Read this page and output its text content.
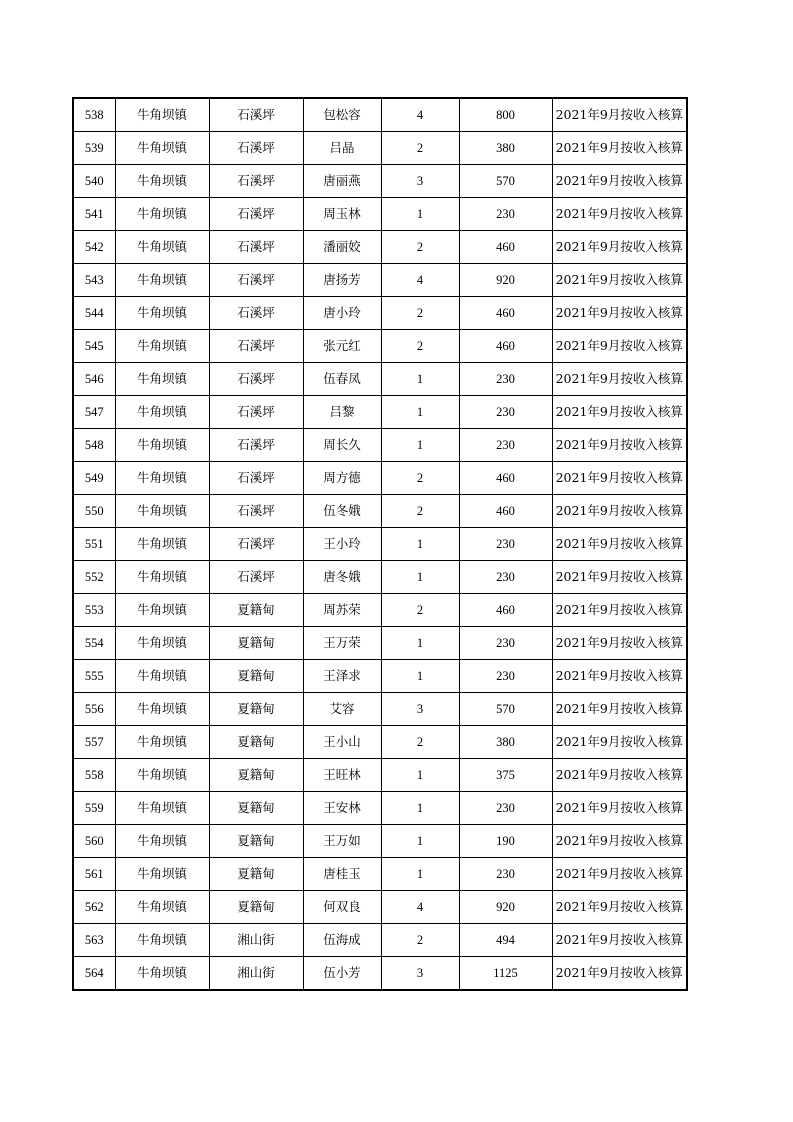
538	牛角坝镇	石溪坪	包松容	4	800	2021年9月按收入核算
539	牛角坝镇	石溪坪	吕晶	2	380	2021年9月按收入核算
540	牛角坝镇	石溪坪	唐丽燕	3	570	2021年9月按收入核算
541	牛角坝镇	石溪坪	周玉林	1	230	2021年9月按收入核算
542	牛角坝镇	石溪坪	潘丽姣	2	460	2021年9月按收入核算
543	牛角坝镇	石溪坪	唐扬芳	4	920	2021年9月按收入核算
544	牛角坝镇	石溪坪	唐小玲	2	460	2021年9月按收入核算
545	牛角坝镇	石溪坪	张元红	2	460	2021年9月按收入核算
546	牛角坝镇	石溪坪	伍春凤	1	230	2021年9月按收入核算
547	牛角坝镇	石溪坪	吕黎	1	230	2021年9月按收入核算
548	牛角坝镇	石溪坪	周长久	1	230	2021年9月按收入核算
549	牛角坝镇	石溪坪	周方德	2	460	2021年9月按收入核算
550	牛角坝镇	石溪坪	伍冬娥	2	460	2021年9月按收入核算
551	牛角坝镇	石溪坪	王小玲	1	230	2021年9月按收入核算
552	牛角坝镇	石溪坪	唐冬娥	1	230	2021年9月按收入核算
553	牛角坝镇	夏籍甸	周苏荣	2	460	2021年9月按收入核算
554	牛角坝镇	夏籍甸	王万荣	1	230	2021年9月按收入核算
555	牛角坝镇	夏籍甸	王泽求	1	230	2021年9月按收入核算
556	牛角坝镇	夏籍甸	艾容	3	570	2021年9月按收入核算
557	牛角坝镇	夏籍甸	王小山	2	380	2021年9月按收入核算
558	牛角坝镇	夏籍甸	王旺林	1	375	2021年9月按收入核算
559	牛角坝镇	夏籍甸	王安林	1	230	2021年9月按收入核算
560	牛角坝镇	夏籍甸	王万如	1	190	2021年9月按收入核算
561	牛角坝镇	夏籍甸	唐桂玉	1	230	2021年9月按收入核算
562	牛角坝镇	夏籍甸	何双良	4	920	2021年9月按收入核算
563	牛角坝镇	湘山街	伍海成	2	494	2021年9月按收入核算
564	牛角坝镇	湘山街	伍小芳	3	1125	2021年9月按收入核算
